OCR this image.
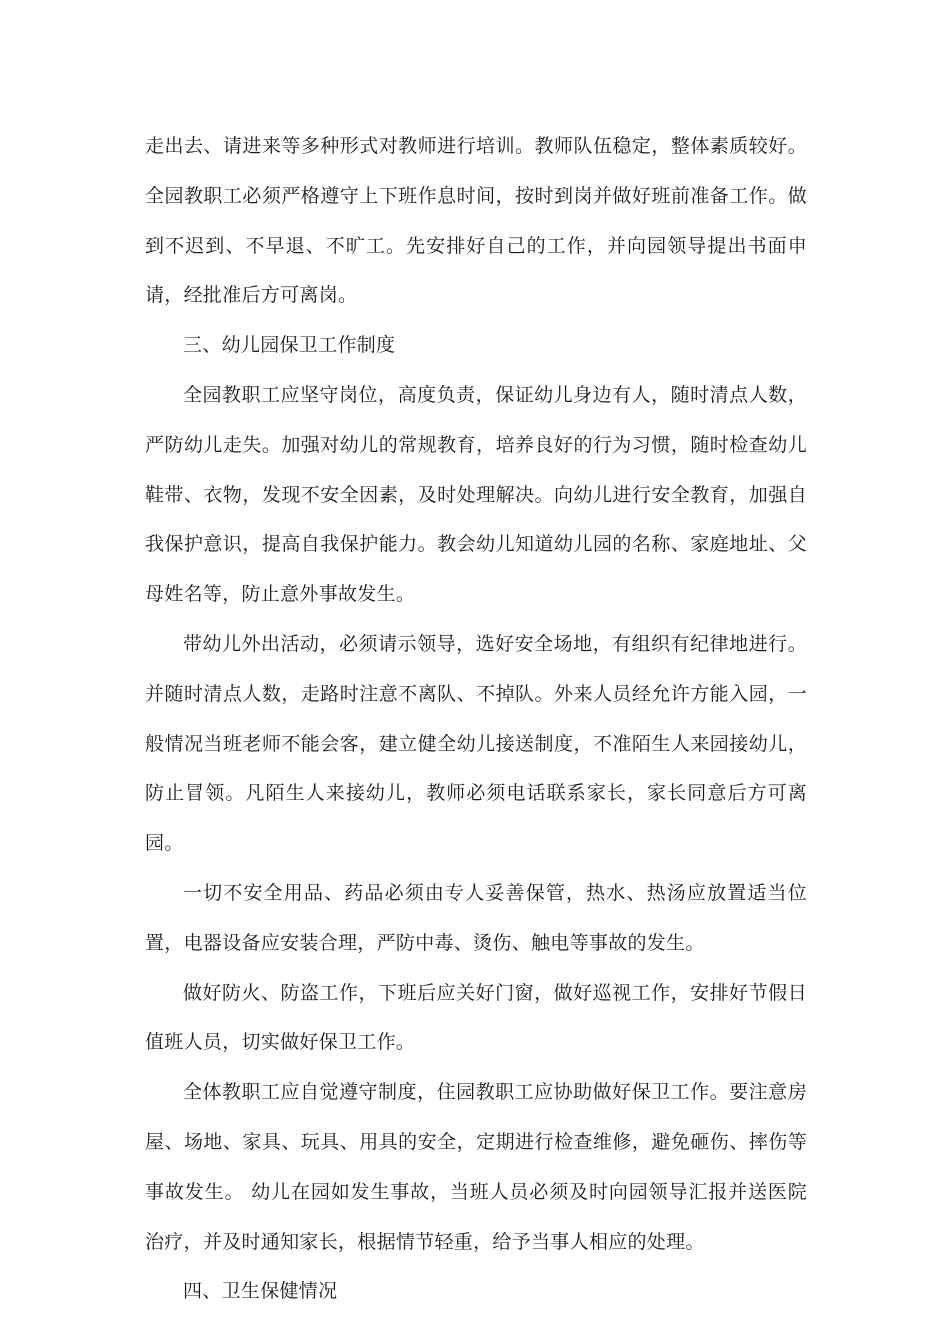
走出去、请进来等多种形式对教师进行培训。教师队伍稳定，整体素质较好。全园教职工必须严格遵守上下班作息时间，按时到岗并做好班前准备工作。做到不迟到、不早退、不旷工。先安排好自己的工作，并向园领导提出书面申请，经批准后方可离岗。

三、幼儿园保卫工作制度

全园教职工应坚守岗位，高度负责，保证幼儿身边有人，随时清点人数，严防幼儿走失。加强对幼儿的常规教育，培养良好的行为习惯，随时检查幼儿鞋带、衣物，发现不安全因素，及时处理解决。向幼儿进行安全教育，加强自我保护意识，提高自我保护能力。教会幼儿知道幼儿园的名称、家庭地址、父母姓名等，防止意外事故发生。

带幼儿外出活动，必须请示领导，选好安全场地，有组织有纪律地进行。并随时清点人数，走路时注意不离队、不掉队。外来人员经允许方能入园，一般情况当班老师不能会客，建立健全幼儿接送制度，不准陌生人来园接幼儿，防止冒领。凡陌生人来接幼儿，教师必须电话联系家长，家长同意后方可离园。

一切不安全用品、药品必须由专人妥善保管，热水、热汤应放置适当位置，电器设备应安装合理，严防中毒、烫伤、触电等事故的发生。

做好防火、防盗工作，下班后应关好门窗，做好巡视工作，安排好节假日值班人员，切实做好保卫工作。

全体教职工应自觉遵守制度，住园教职工应协助做好保卫工作。要注意房屋、场地、家具、玩具、用具的安全，定期进行检查维修，避免砸伤、摔伤等事故发生。 幼儿在园如发生事故，当班人员必须及时向园领导汇报并送医院治疗，并及时通知家长，根据情节轻重，给予当事人相应的处理。

四、卫生保健情况
